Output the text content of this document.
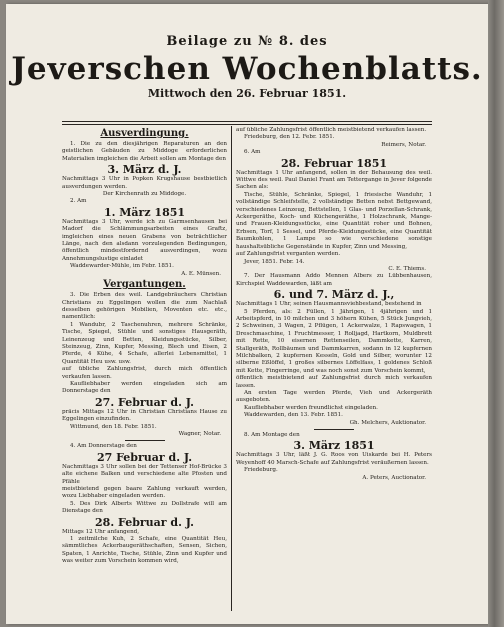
Beilage zu № 8. des
Jeverschen Wochenblatts.
Mittwoch den 26. Februar 1851.
Ausverdingung.

1. Die zu den diesjährigen Reparaturen an den geistlichen Gebäuden zu Middoge erforderlichen Materialien imgleichen die Arbeit sollen am Montage den

3. März d. J.

Nachmittags 3 Uhr in Popken Krugshause bestbietlich ausverdungen werden.

Der Kirchenrath zu Middoge.

2. Am

1. März 1851

Nachmittags 3 Uhr, werde ich zu Garmsenhausen bei Madorf die Schlämmungsarbeiten eines Graftz, imgleichen eines neuen Grabens von beträchtlicher Länge, nach den alsdann vorzulegenden Bedingungen, öffentlich mindestfordernd ausverdingen, wozu Annehmungslustige einladet

Waddewarder-Mühle, im Febr. 1851.

A. E. Münsen.

Vergantungen.

3. Die Erben des weil. Landgebräuchers Christian Christians zu Eggelingen wollen die zum Nachlaß desselben gehörigen Mobilien, Moventen etc. etc., namentlich:

1 Wandubr, 2 Taschenuhren, mehrere Schränke, Tische, Spiegel, Stühle und sonstiges Hausgeräth, Leinenzeug und Betten, Kleidungsstücke, Silber, Steinzeug, Zinn, Kupfer, Messing, Blech und Eisen, 2 Pferde, 4 Kühe, 4 Schafe, allerlei Lebensmittel, 1 Quantität Heu usw. usw.

auf übliche Zahlungsfrist, durch mich öffentlich verkaufen lassen.

Kaufliebhaber werden eingeladen sich am Donnerstage den

27. Februar d. J.

präcis Mittags 12 Uhr in Christian Christians Hause zu Eggelingen einzufinden.

Wittmund, den 18. Febr. 1851.

Wagner, Notar.

4. Am Donnerstage den

27 Februar d. J.

Nachmittags 3 Uhr sollen bei der Tettenser Hof-Brücke 3 alte eichene Balken und verschiedene alte Pfosten und Pfähle

meistbietend gegen baare Zahlung verkauft werden, wozu Liebhaber eingeladen werden.

5. Des Dirk Alberts Wittwe zu Dollstrafe will am Dienstage den

28. Februar d. J.

Mittags 12 Uhr anfangend,

1 zeitmilche Kuh, 2 Schafe, eine Quantität Heu, sämmtliches Ackerbaugeräthschaften, Sensen, Sichen, Spaten, 1 Anrichte, Tische, Stühle, Zinn und Kupfer und was weiter zum Vorschein kommen wird,

auf übliche Zahlungsfrist öffentlich meistbietend verkaufen lassen.

Friedeburg, den 12. Febr. 1851.

Reimers, Notar.

6. Am

28. Februar 1851

Nachmittags 1 Uhr anfangend, sollen in der Behausung des weil. Wittwe des weil. Paul Daniel Frant am Tettergange in Jever folgende Sachen als:

Tische, Stühle, Schränke, Spiegel, 1 friesische Wanduhr, 1 vollständige Schleifstelle, 2 vollständige Betten nebst Bettgewand, verschiedenes Leinzeug, Bettstellen, 1 Glas- und Porzellan-Schrank, Ackergeräthe, Koch- und Küchengeräthe, 1 Holzschrank, Mange- und Frauen-Kleidungsstücke, eine Quantität roher und Bohnen, Erbsen, Torf, 1 Sessel, und Pferde-Kleidungsstücke, eine Quantität Baumkohlen, 1 Lampe so wie verschiedene sonstige haushaltsübliche Gegenstände in Kupfer, Zinn und Messing,

auf Zahlungsfrist verganten werden.

Jever, 1851. Febr. 14.

C. E. Thiems.

7. Der Hausmann Addo Mennen Albers zu Lübbenhausen, Kirchspiel Waddewarden, läßt am

6. und 7. März d. J.,

Nachmittags 1 Uhr, seinen Hausmannsviehbestand, bestehend in

5 Pferden, als: 2 Füllen, 1 Jährigen, 1 4jährigen und 1 Arbeitspferd, in 10 milchen und 3 höhern Kühen, 5 Stück Jungvieh, 2 Schweinen, 3 Wagen, 2 Pflügen, 1 Ackerwalze, 1 Rapswagen, 1 Dreschmaschine, 1 Fruchtmesser, 1 Rolljagd, Hartkorn, Muldbrett mit Rette, 10 eisernen Rettenseilen, Dammkette, Karren, Stallgeräth, Rollbäumen und Dammkarren, sodann in 12 kupfernen Milchbalken, 2 kupfernen Kesseln, Gold und Silber, worunter 12 silberne Eßlöffel, 1 großes silbernes Löffelfass, 1 goldenes Schloß mit Kette, Fingerringe, und was noch sonst zum Vorschein kommt,

öffentlich meistbietend auf Zahlungsfrist durch mich verkaufen lassen.

An ersten Tage werden Pferde, Vieh und Ackergeräth ausgeboten.

Kaufliebhaber werden freundlichst eingeladen.

Waddewarden, den 13. Febr. 1851.

Gh. Melchers, Auktionator.

8. Am Montage den

3. März 1851

Nachmittags 3 Uhr, läßt J. G. Roos von Uiskarde bei H. Peters Weyenhoff 40 Marsch-Schafe auf Zahlungsfrist veräußernen lassen.

Friedeburg.

A. Peters, Auctionator.
